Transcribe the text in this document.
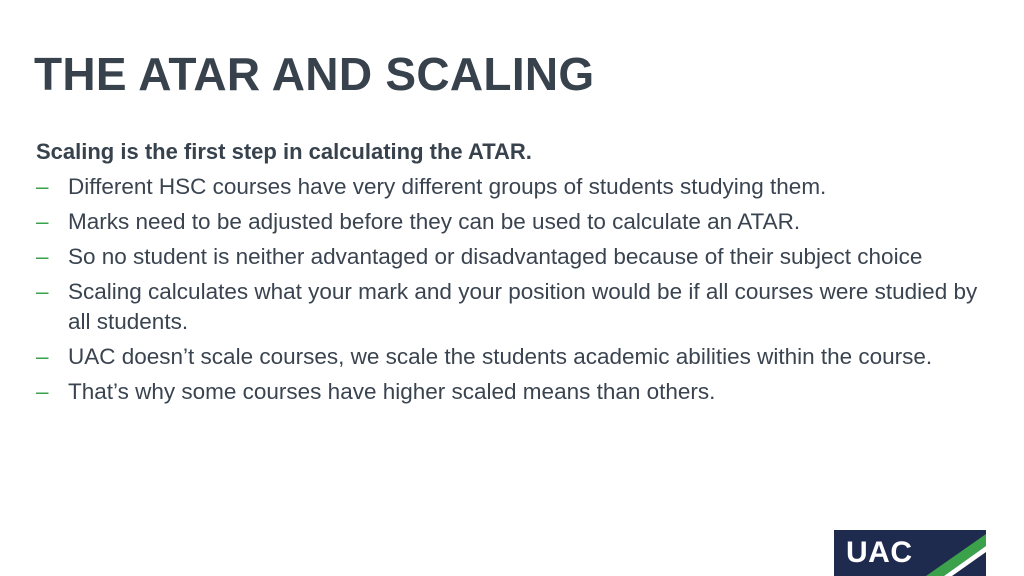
THE ATAR AND SCALING

Scaling is the first step in calculating the ATAR.

– Different HSC courses have very different groups of students studying them.
– Marks need to be adjusted before they can be used to calculate an ATAR.
– So no student is neither advantaged or disadvantaged because of their subject choice
– Scaling calculates what your mark and your position would be if all courses were studied by all students.
– UAC doesn’t scale courses, we scale the students academic abilities within the course.
– That’s why some courses have higher scaled means than others.
UAC
